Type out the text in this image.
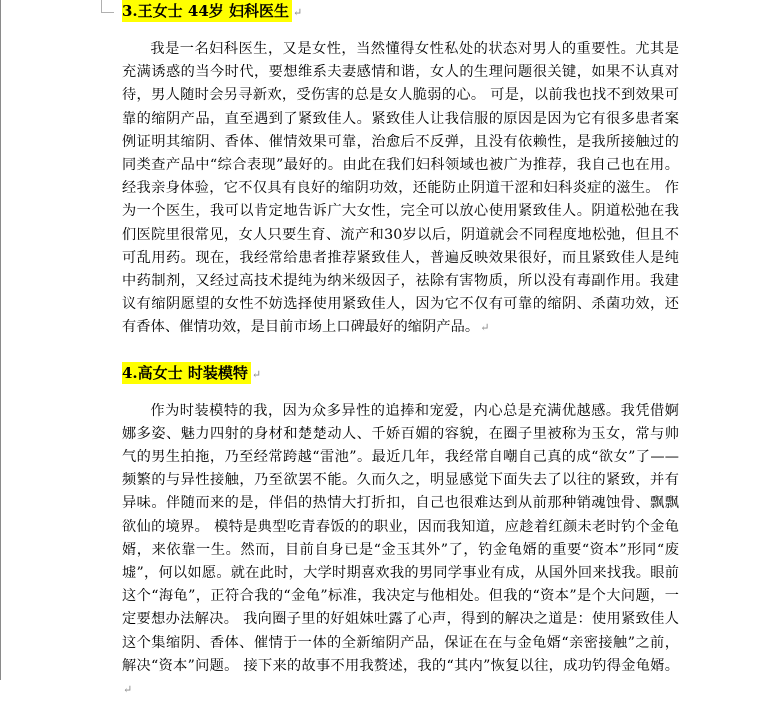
3.王女士 44岁 妇科医生 ↵

我是一名妇科医生，又是女性，当然懂得女性私处的状态对男人的重要性。尤其是充满诱惑的当今时代，要想维系夫妻感情和谐，女人的生理问题很关键，如果不认真对待，男人随时会另寻新欢，受伤害的总是女人脆弱的心。 可是，以前我也找不到效果可靠的缩阴产品，直至遇到了紧致佳人。紧致佳人让我信服的原因是因为它有很多患者案例证明其缩阴、香体、催情效果可靠，治愈后不反弹，且没有依赖性，是我所接触过的同类查产品中“综合表现”最好的。由此在我们妇科领域也被广为推荐，我自己也在用。经我亲身体验，它不仅具有良好的缩阴功效，还能防止阴道干涩和妇科炎症的滋生。 作为一个医生，我可以肯定地告诉广大女性，完全可以放心使用紧致佳人。阴道松弛在我们医院里很常见，女人只要生育、流产和30岁以后，阴道就会不同程度地松弛，但且不可乱用药。现在，我经常给患者推荐紧致佳人，普遍反映效果很好，而且紧致佳人是纯中药制剂，又经过高技术提纯为纳米级因子，祛除有害物质，所以没有毒副作用。我建议有缩阴愿望的女性不妨选择使用紧致佳人，因为它不仅有可靠的缩阴、杀菌功效，还有香体、催情功效，是目前市场上口碑最好的缩阴产品。↵

4.高女士 时装模特 ↵

作为时装模特的我，因为众多异性的追捧和宠爱，内心总是充满优越感。我凭借婀娜多姿、魅力四射的身材和楚楚动人、千娇百媚的容貌，在圈子里被称为玉女，常与帅气的男生拍拖，乃至经常跨越“雷池”。最近几年，我经常自嘲自己真的成“欲女”了——频繁的与异性接触，乃至欲罢不能。久而久之，明显感觉下面失去了以往的紧致，并有异味。伴随而来的是，伴侣的热情大打折扣，自己也很难达到从前那种销魂蚀骨、飘飘欲仙的境界。 模特是典型吃青春饭的的职业，因而我知道，应趁着红颜未老时钓个金龟婿，来依靠一生。然而，目前自身已是“金玉其外”了，钓金龟婿的重要“资本”形同“废墟”，何以如愿。就在此时，大学时期喜欢我的男同学事业有成，从国外回来找我。眼前这个“海龟”，正符合我的“金龟”标准，我决定与他相处。但我的“资本”是个大问题，一定要想办法解决。 我向圈子里的好姐妹吐露了心声，得到的解决之道是：使用紧致佳人这个集缩阴、香体、催情于一体的全新缩阴产品，保证在在与金龟婿“亲密接触”之前，解决“资本”问题。 接下来的故事不用我赘述，我的“其内”恢复以往，成功钓得金龟婿。↵
